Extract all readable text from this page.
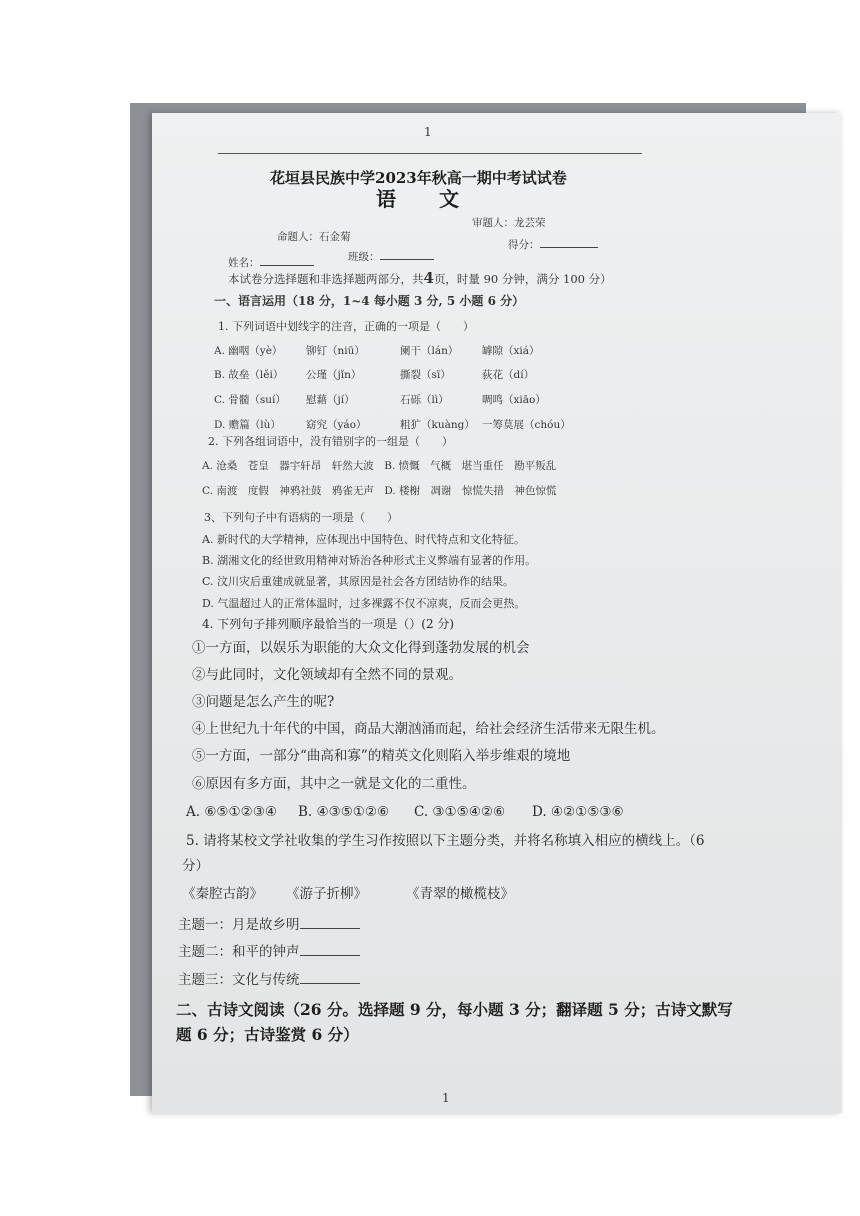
1
花垣县民族中学2023年秋高一期中考试试卷
语 文
命题人：石金菊
审题人：龙芸荣
姓名：	班级：
得分：
本试卷分选择题和非选择题两部分，共4页，时量 90 分钟，满分 100 分）
一、语言运用（18 分，1~4 每小题 3 分, 5 小题 6 分）
1. 下列词语中划线字的注音，正确的一项是（　　）
A. 幽咽（yè） 铆钉（niū）	阑干（lán） 罅隙（xiá）
B. 故垒（lěi） 公瑾（jǐn）	撕裂（sī）	荻花（dí）
C. 骨髓（suí） 慰藉（jí）	石砾（lì）	啁鸣（xiāo）
D. 赡篇（lù） 窈究（yáo）	粗犷（kuàng） 一筹莫展（chóu）
2. 下列各组词语中，没有错别字的一组是（　　）
A. 沧桑　苍皇　器宇轩昂　轩然大波　B. 愤慨　气概　堪当重任　勘平叛乱
C. 南渡　度假　神鸦社鼓　鸦雀无声　D. 楼榭　凋谢　惊慌失措　神色惊慌
3、下列句子中有语病的一项是（　　）
A. 新时代的大学精神，应体现出中国特色、时代特点和文化特征。
B. 湖湘文化的经世致用精神对矫治各种形式主义弊端有显著的作用。
C. 汶川灾后重建成就显著，其原因是社会各方团结协作的结果。
D. 气温超过人的正常体温时，过多裸露不仅不凉爽，反而会更热。
4. 下列句子排列顺序最恰当的一项是（）(2 分)
①一方面，以娱乐为职能的大众文化得到蓬勃发展的机会
②与此同时，文化领域却有全然不同的景观。
③问题是怎么产生的呢?
④上世纪九十年代的中国，商品大潮汹涌而起，给社会经济生活带来无限生机。
⑤一方面，一部分“曲高和寡”的精英文化则陷入举步维艰的境地
⑥原因有多方面，其中之一就是文化的二重性。
A. ⑥⑤①②③④ B. ④③⑤①②⑥ C. ③①⑤④②⑥ D. ④②①⑤③⑥
5. 请将某校文学社收集的学生习作按照以下主题分类，并将名称填入相应的横线上。（6
分）
《秦腔古韵》 《游子折柳》	《青翠的橄榄枝》
主题一：月是故乡明
主题二：和平的钟声
主题三：文化与传统
二、古诗文阅读（26 分。选择题 9 分，每小题 3 分；翻译题 5 分；古诗文默写
题 6 分；古诗鉴赏 6 分）
1
